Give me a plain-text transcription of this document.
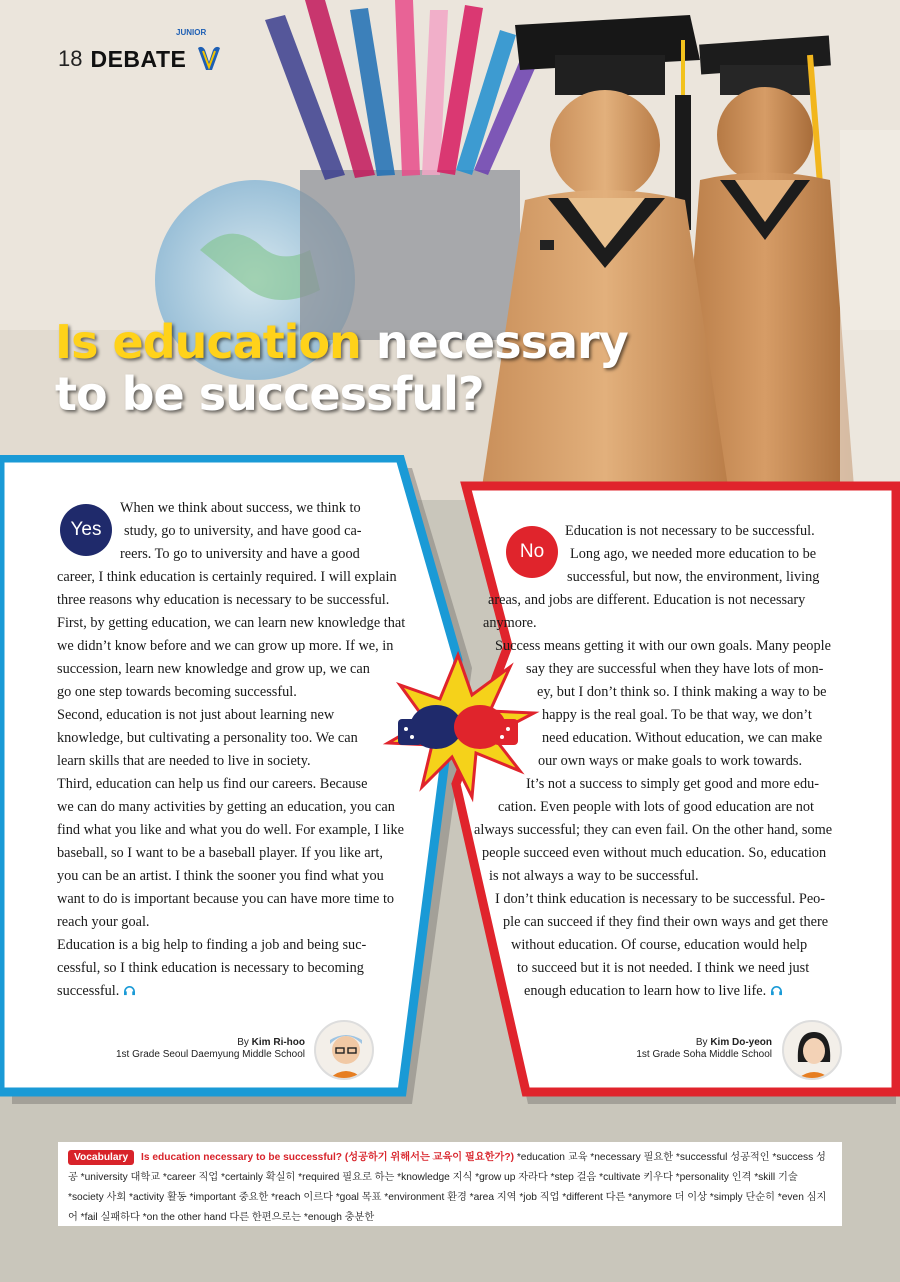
18 DEBATE
JUNIOR
Is education necessary
to be successful?
Yes
No

When we think about success, we think to

study, go to university, and have good ca-

reers. To go to university and have a good

career, I think education is certainly required. I will explain

three reasons why education is necessary to be successful.

First, by getting education, we can learn new knowledge that

we didn’t know before and we can grow up more. If we, in

succession, learn new knowledge and grow up, we can

go one step towards becoming successful.

Second, education is not just about learning new

knowledge, but cultivating a personality too. We can

learn skills that are needed to live in society.

Third, education can help us find our careers. Because

we can do many activities by getting an education, you can

find what you like and what you do well. For example, I like

baseball, so I want to be a baseball player. If you like art,

you can be an artist. I think the sooner you find what you

want to do is important because you can have more time to

reach your goal.

Education is a big help to finding a job and being suc-

cessful, so I think education is necessary to becoming

successful.

Education is not necessary to be successful.

Long ago, we needed more education to be

successful, but now, the environment, living

areas, and jobs are different. Education is not necessary

anymore.

Success means getting it with our own goals. Many people

say they are successful when they have lots of mon-

ey, but I don’t think so. I think making a way to be

happy is the real goal. To be that way, we don’t

need education. Without education, we can make

our own ways or make goals to work towards.

It’s not a success to simply get good and more edu-

cation. Even people with lots of good education are not

always successful; they can even fail. On the other hand, some

people succeed even without much education. So, education

is not always a way to be successful.

I don’t think education is necessary to be successful. Peo-

ple can succeed if they find their own ways and get there

without education. Of course, education would help

to succeed but it is not needed. I think we need just

enough education to learn how to live life.

By Kim Ri-hoo
1st Grade Seoul Daemyung Middle School
By Kim Do-yeon
1st Grade Soha Middle School
Vocabulary Is education necessary to be successful? (성공하기 위해서는 교육이 필요한가?) *education 교육 *necessary 필요한 *successful 성공적인 *success 성공 *university 대학교 *career 직업 *certainly 확실히 *required 필요로 하는 *knowledge 지식 *grow up 자라다 *step 걸음 *cultivate 키우다 *personality 인격 *skill 기술 *society 사회 *activity 활동 *important 중요한 *reach 이르다 *goal 목표 *environment 환경 *area 지역 *job 직업 *different 다른 *anymore 더 이상 *simply 단순히 *even 심지어 *fail 실패하다 *on the other hand 다른 한편으로는 *enough 충분한
